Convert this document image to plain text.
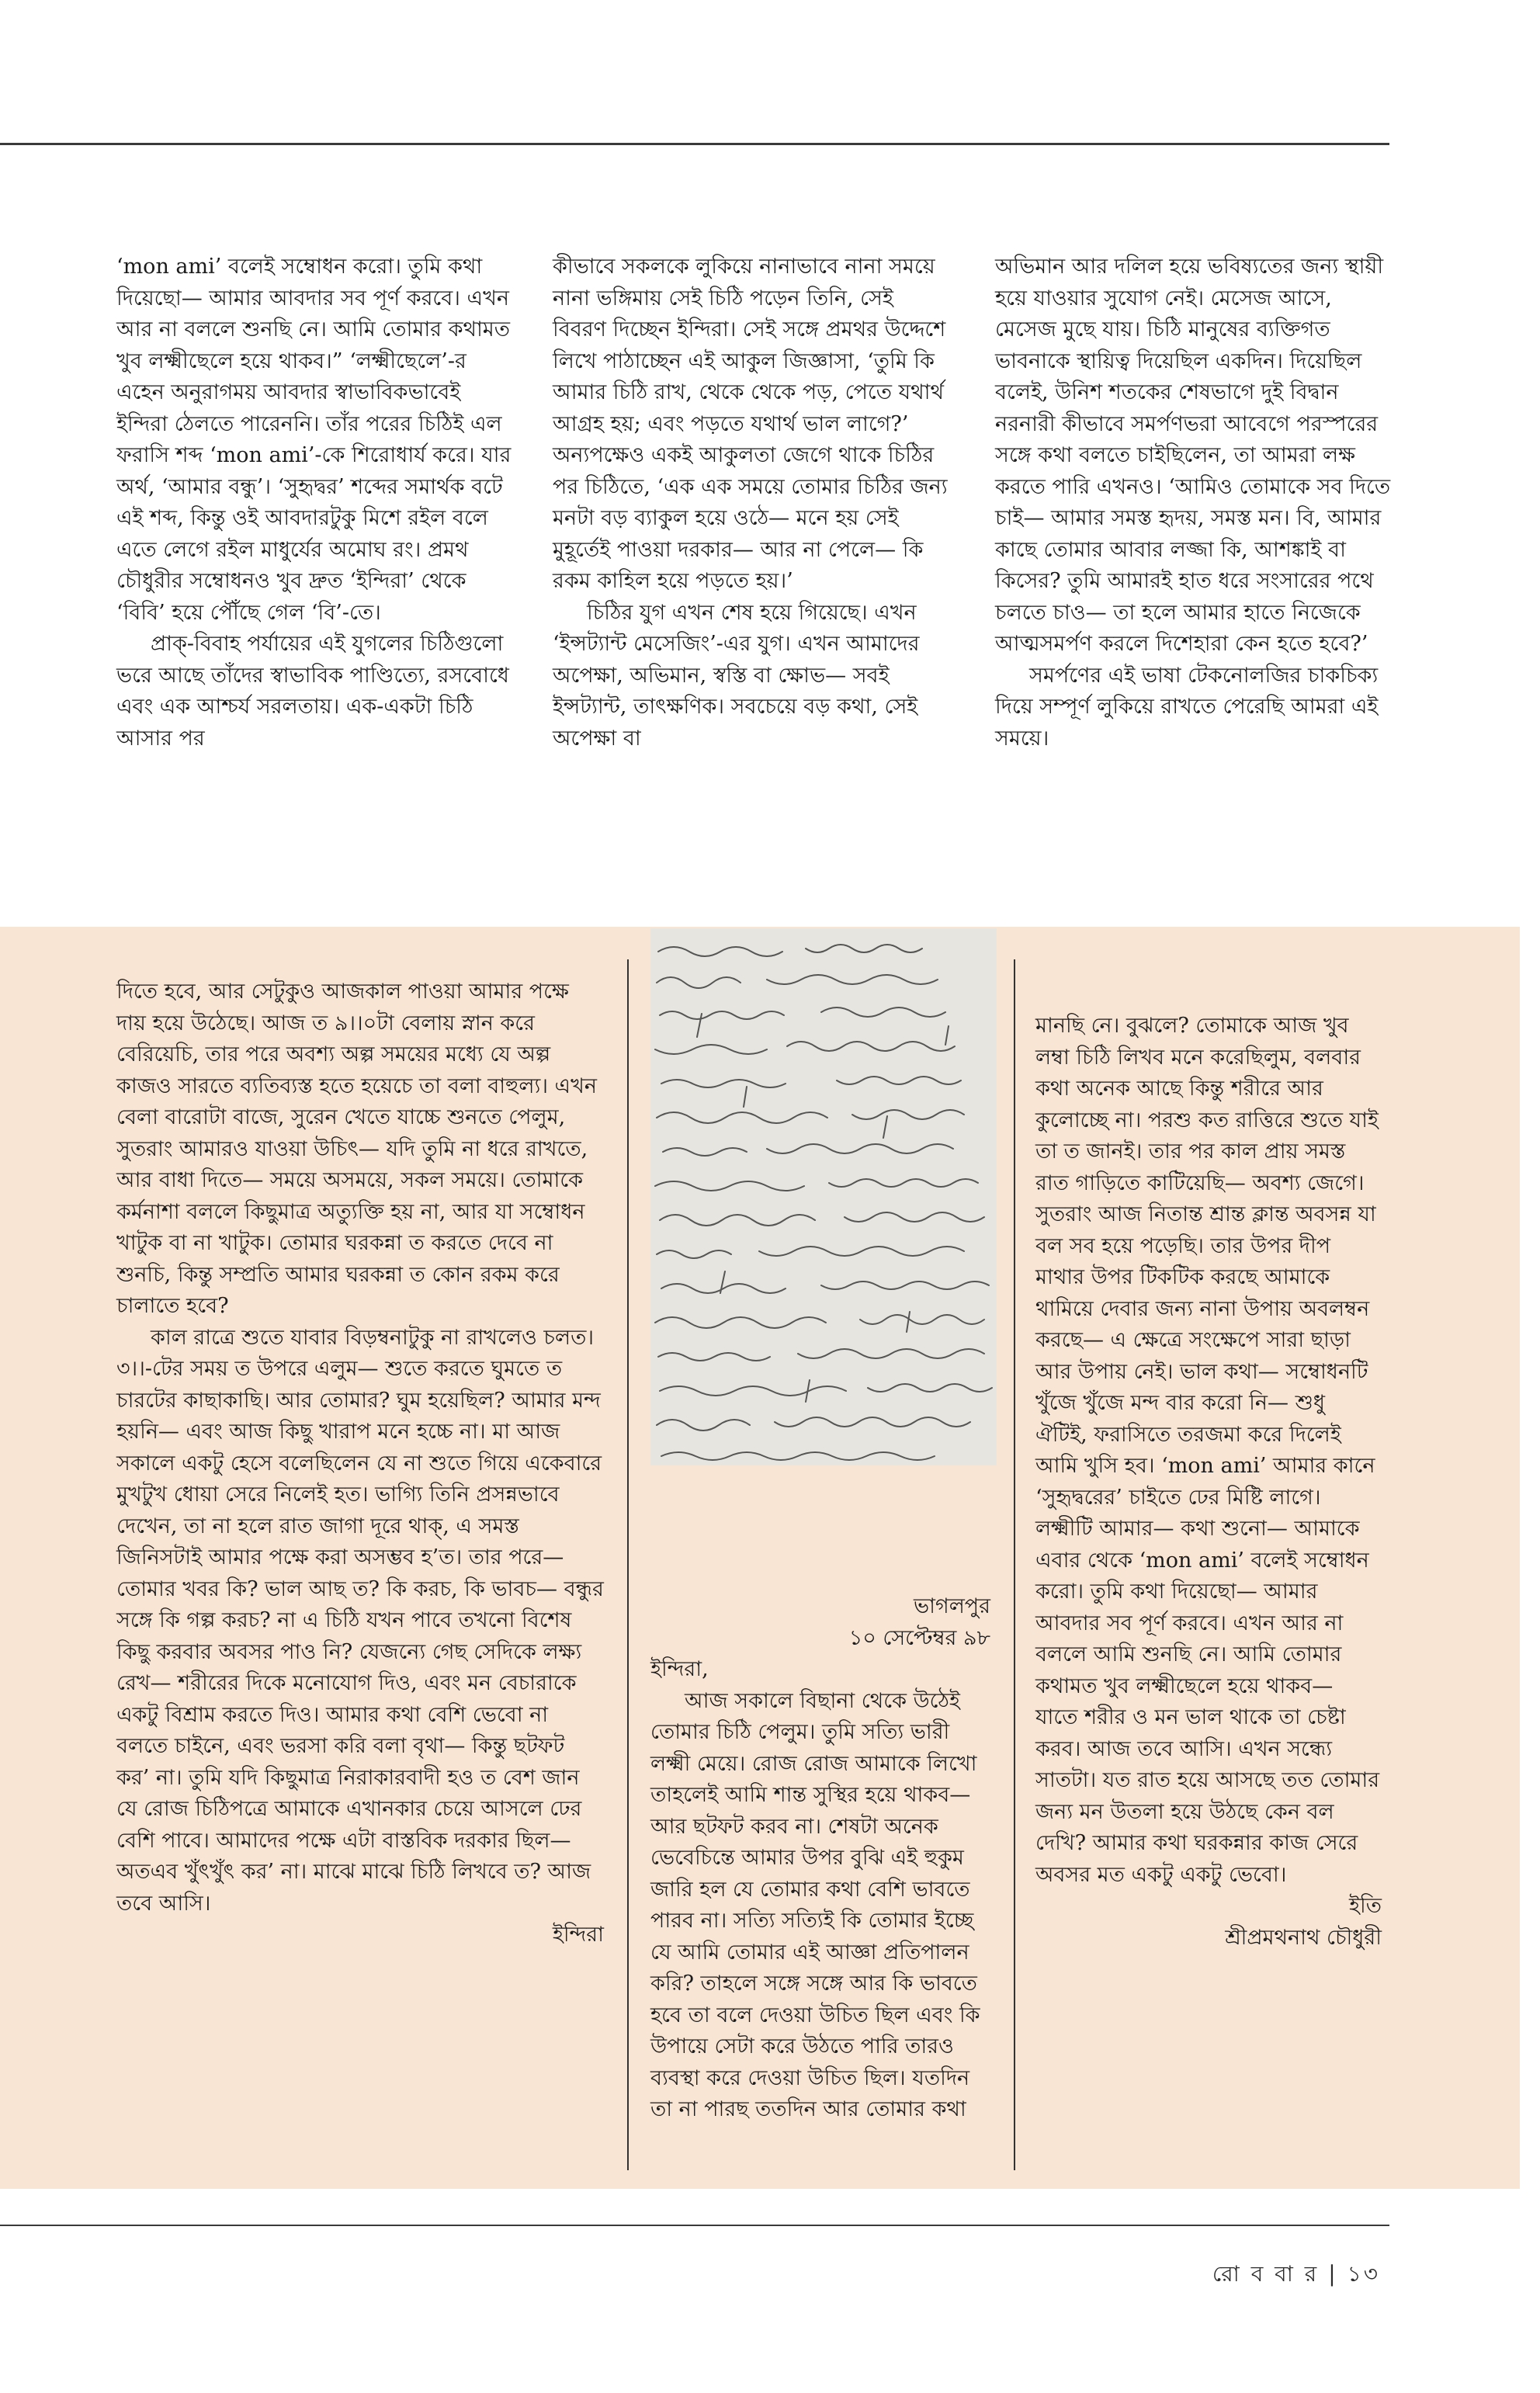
‘mon ami’ বলেই সম্বোধন করো। তুমি কথা দিয়েছো— আমার আবদার সব পূর্ণ করবে। এখন আর না বললে শুনছি নে। আমি তোমার কথামত খুব লক্ষ্মীছেলে হয়ে থাকব।” ‘লক্ষ্মীছেলে’-র এহেন অনুরাগময় আবদার স্বাভাবিকভাবেই ইন্দিরা ঠেলতে পারেননি। তাঁর পরের চিঠিই এল ফরাসি শব্দ ‘mon ami’-কে শিরোধার্য করে। যার অর্থ, ‘আমার বন্ধু’। ‘সুহৃদ্বর’ শব্দের সমার্থক বটে এই শব্দ, কিন্তু ওই আবদারটুকু মিশে রইল বলে এতে লেগে রইল মাধুর্যের অমোঘ রং। প্রমথ চৌধুরীর সম্বোধনও খুব দ্রুত ‘ইন্দিরা’ থেকে ‘বিবি’ হয়ে পৌঁছে গেল ‘বি’-তে।

প্রাক্‌-বিবাহ পর্যায়ের এই যুগলের চিঠিগুলো ভরে আছে তাঁদের স্বাভাবিক পাণ্ডিত্যে, রসবোধে এবং এক আশ্চর্য সরলতায়। এক-একটা চিঠি আসার পর

কীভাবে সকলকে লুকিয়ে নানাভাবে নানা সময়ে নানা ভঙ্গিমায় সেই চিঠি পড়েন তিনি, সেই বিবরণ দিচ্ছেন ইন্দিরা। সেই সঙ্গে প্রমথর উদ্দেশে লিখে পাঠাচ্ছেন এই আকুল জিজ্ঞাসা, ‘তুমি কি আমার চিঠি রাখ, থেকে থেকে পড়, পেতে যথার্থ আগ্রহ হয়; এবং পড়তে যথার্থ ভাল লাগে?’ অন্যপক্ষেও একই আকুলতা জেগে থাকে চিঠির পর চিঠিতে, ‘এক এক সময়ে তোমার চিঠির জন্য মনটা বড় ব্যাকুল হয়ে ওঠে— মনে হয় সেই মুহূর্তেই পাওয়া দরকার— আর না পেলে— কি রকম কাহিল হয়ে পড়তে হয়।’

চিঠির যুগ এখন শেষ হয়ে গিয়েছে। এখন ‘ইন্সট্যান্ট মেসেজিং’-এর যুগ। এখন আমাদের অপেক্ষা, অভিমান, স্বস্তি বা ক্ষোভ— সবই ইন্সট্যান্ট, তাৎক্ষণিক। সবচেয়ে বড় কথা, সেই অপেক্ষা বা

অভিমান আর দলিল হয়ে ভবিষ্যতের জন্য স্থায়ী হয়ে যাওয়ার সুযোগ নেই। মেসেজ আসে, মেসেজ মুছে যায়। চিঠি মানুষের ব্যক্তিগত ভাবনাকে স্থায়িত্ব দিয়েছিল একদিন। দিয়েছিল বলেই, উনিশ শতকের শেষভাগে দুই বিদ্বান নরনারী কীভাবে সমর্পণভরা আবেগে পরস্পরের সঙ্গে কথা বলতে চাইছিলেন, তা আমরা লক্ষ করতে পারি এখনও। ‘আমিও তোমাকে সব দিতে চাই— আমার সমস্ত হৃদয়, সমস্ত মন। বি, আমার কাছে তোমার আবার লজ্জা কি, আশঙ্কাই বা কিসের? তুমি আমারই হাত ধরে সংসারের পথে চলতে চাও— তা হলে আমার হাতে নিজেকে আত্মসমর্পণ করলে দিশেহারা কেন হতে হবে?’

সমর্পণের এই ভাষা টেকনোলজির চাকচিক্য দিয়ে সম্পূর্ণ লুকিয়ে রাখতে পেরেছি আমরা এই সময়ে।

দিতে হবে, আর সেটুকুও আজকাল পাওয়া আমার পক্ষে দায় হয়ে উঠেছে। আজ ত ৯।।০টা বেলায় স্নান করে বেরিয়েচি, তার পরে অবশ্য অল্প সময়ের মধ্যে যে অল্প কাজও সারতে ব্যতিব্যস্ত হতে হয়েচে তা বলা বাহুল্য। এখন বেলা বারোটা বাজে, সুরেন খেতে যাচ্চে শুনতে পেলুম, সুতরাং আমারও যাওয়া উচিৎ— যদি তুমি না ধরে রাখতে, আর বাধা দিতে— সময়ে অসময়ে, সকল সময়ে। তোমাকে কর্মনাশা বললে কিছুমাত্র অত্যুক্তি হয় না, আর যা সম্বোধন খাটুক বা না খাটুক। তোমার ঘরকন্না ত করতে দেবে না শুনচি, কিন্তু সম্প্রতি আমার ঘরকন্না ত কোন রকম করে চালাতে হবে?

কাল রাত্রে শুতে যাবার বিড়ম্বনাটুকু না রাখলেও চলত। ৩।।-টের সময় ত উপরে এলুম— শুতে করতে ঘুমতে ত চারটের কাছাকাছি। আর তোমার? ঘুম হয়েছিল? আমার মন্দ হয়নি— এবং আজ কিছু খারাপ মনে হচ্চে না। মা আজ সকালে একটু হেসে বলেছিলেন যে না শুতে গিয়ে একেবারে মুখটুখ ধোয়া সেরে নিলেই হত। ভাগ্যি তিনি প্রসন্নভাবে দেখেন, তা না হলে রাত জাগা দূরে থাক্‌, এ সমস্ত জিনিসটাই আমার পক্ষে করা অসম্ভব হ’ত। তার পরে— তোমার খবর কি? ভাল আছ ত? কি করচ, কি ভাবচ— বন্ধুর সঙ্গে কি গল্প করচ? না এ চিঠি যখন পাবে তখনো বিশেষ কিছু করবার অবসর পাও নি? যেজন্যে গেছ সেদিকে লক্ষ্য রেখ— শরীরের দিকে মনোযোগ দিও, এবং মন বেচারাকে একটু বিশ্রাম করতে দিও। আমার কথা বেশি ভেবো না বলতে চাইনে, এবং ভরসা করি বলা বৃথা— কিন্তু ছটফট কর’ না। তুমি যদি কিছুমাত্র নিরাকারবাদী হও ত বেশ জান যে রোজ চিঠিপত্রে আমাকে এখানকার চেয়ে আসলে ঢের বেশি পাবে। আমাদের পক্ষে এটা বাস্তবিক দরকার ছিল— অতএব খুঁৎখুঁৎ কর’ না। মাঝে মাঝে চিঠি লিখবে ত? আজ তবে আসি।

ইন্দিরা

ভাগলপুর

১০ সেপ্টেম্বর ৯৮

ইন্দিরা,

আজ সকালে বিছানা থেকে উঠেই তোমার চিঠি পেলুম। তুমি সত্যি ভারী লক্ষ্মী মেয়ে। রোজ রোজ আমাকে লিখো তাহলেই আমি শান্ত সুস্থির হয়ে থাকব— আর ছটফট করব না। শেষটা অনেক ভেবেচিন্তে আমার উপর বুঝি এই হুকুম জারি হল যে তোমার কথা বেশি ভাবতে পারব না। সত্যি সত্যিই কি তোমার ইচ্ছে যে আমি তোমার এই আজ্ঞা প্রতিপালন করি? তাহলে সঙ্গে সঙ্গে আর কি ভাবতে হবে তা বলে দেওয়া উচিত ছিল এবং কি উপায়ে সেটা করে উঠতে পারি তারও ব্যবস্থা করে দেওয়া উচিত ছিল। যতদিন তা না পারছ ততদিন আর তোমার কথা

মানছি নে। বুঝলে? তোমাকে আজ খুব লম্বা চিঠি লিখব মনে করেছিলুম, বলবার কথা অনেক আছে কিন্তু শরীরে আর কুলোচ্ছে না। পরশু কত রাত্তিরে শুতে যাই তা ত জানই। তার পর কাল প্রায় সমস্ত রাত গাড়িতে কাটিয়েছি— অবশ্য জেগে। সুতরাং আজ নিতান্ত শ্রান্ত ক্লান্ত অবসন্ন যা বল সব হয়ে পড়েছি। তার উপর দীপ মাথার উপর টিকটিক করছে আমাকে থামিয়ে দেবার জন্য নানা উপায় অবলম্বন করছে— এ ক্ষেত্রে সংক্ষেপে সারা ছাড়া আর উপায় নেই। ভাল কথা— সম্বোধনটি খুঁজে খুঁজে মন্দ বার করো নি— শুধু ঐটিই, ফরাসিতে তরজমা করে দিলেই আমি খুসি হব। ‘mon ami’ আমার কানে ‘সুহৃদ্বরের’ চাইতে ঢের মিষ্টি লাগে। লক্ষ্মীটি আমার— কথা শুনো— আমাকে এবার থেকে ‘mon ami’ বলেই সম্বোধন করো। তুমি কথা দিয়েছো— আমার আবদার সব পূর্ণ করবে। এখন আর না বললে আমি শুনছি নে। আমি তোমার কথামত খুব লক্ষ্মীছেলে হয়ে থাকব— যাতে শরীর ও মন ভাল থাকে তা চেষ্টা করব। আজ তবে আসি। এখন সন্ধ্যে সাতটা। যত রাত হয়ে আসছে তত তোমার জন্য মন উতলা হয়ে উঠছে কেন বল দেখি? আমার কথা ঘরকন্নার কাজ সেরে অবসর মত একটু একটু ভেবো।

ইতি

শ্রীপ্রমথনাথ চৌধুরী

রো ব বা র | ১৩
